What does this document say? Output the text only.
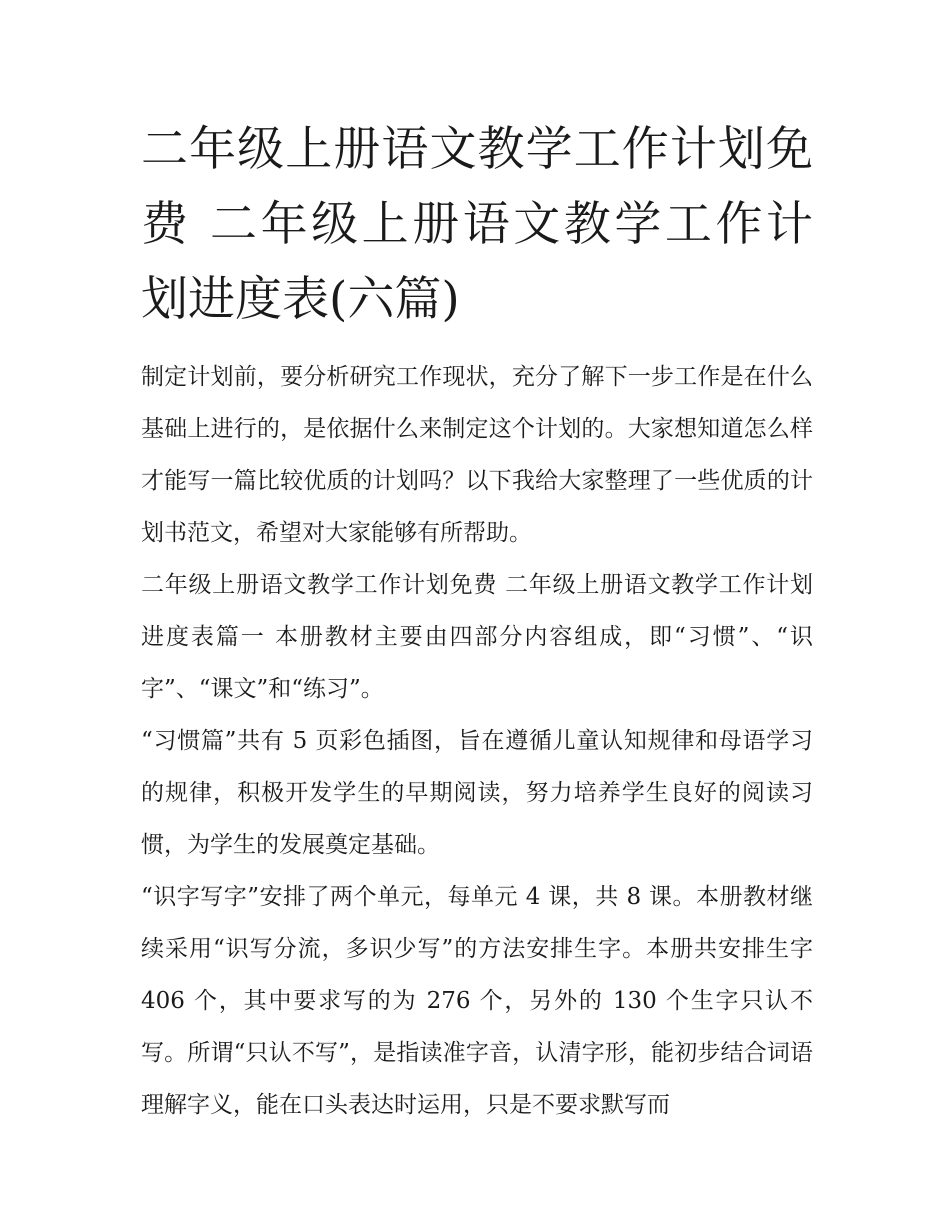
二年级上册语文教学工作计划免费 二年级上册语文教学工作计划进度表(六篇)

制定计划前，要分析研究工作现状，充分了解下一步工作是在什么基础上进行的，是依据什么来制定这个计划的。大家想知道怎么样才能写一篇比较优质的计划吗？以下我给大家整理了一些优质的计划书范文，希望对大家能够有所帮助。

二年级上册语文教学工作计划免费 二年级上册语文教学工作计划进度表篇一 本册教材主要由四部分内容组成，即“习惯”、“识字”、“课文”和“练习”。

“习惯篇”共有 5 页彩色插图，旨在遵循儿童认知规律和母语学习的规律，积极开发学生的早期阅读，努力培养学生良好的阅读习惯，为学生的发展奠定基础。

“识字写字”安排了两个单元，每单元 4 课，共 8 课。本册教材继续采用“识写分流，多识少写”的方法安排生字。本册共安排生字 406 个，其中要求写的为 276 个，另外的 130 个生字只认不写。所谓“只认不写”，是指读准字音，认清字形，能初步结合词语理解字义，能在口头表达时运用，只是不要求默写而
